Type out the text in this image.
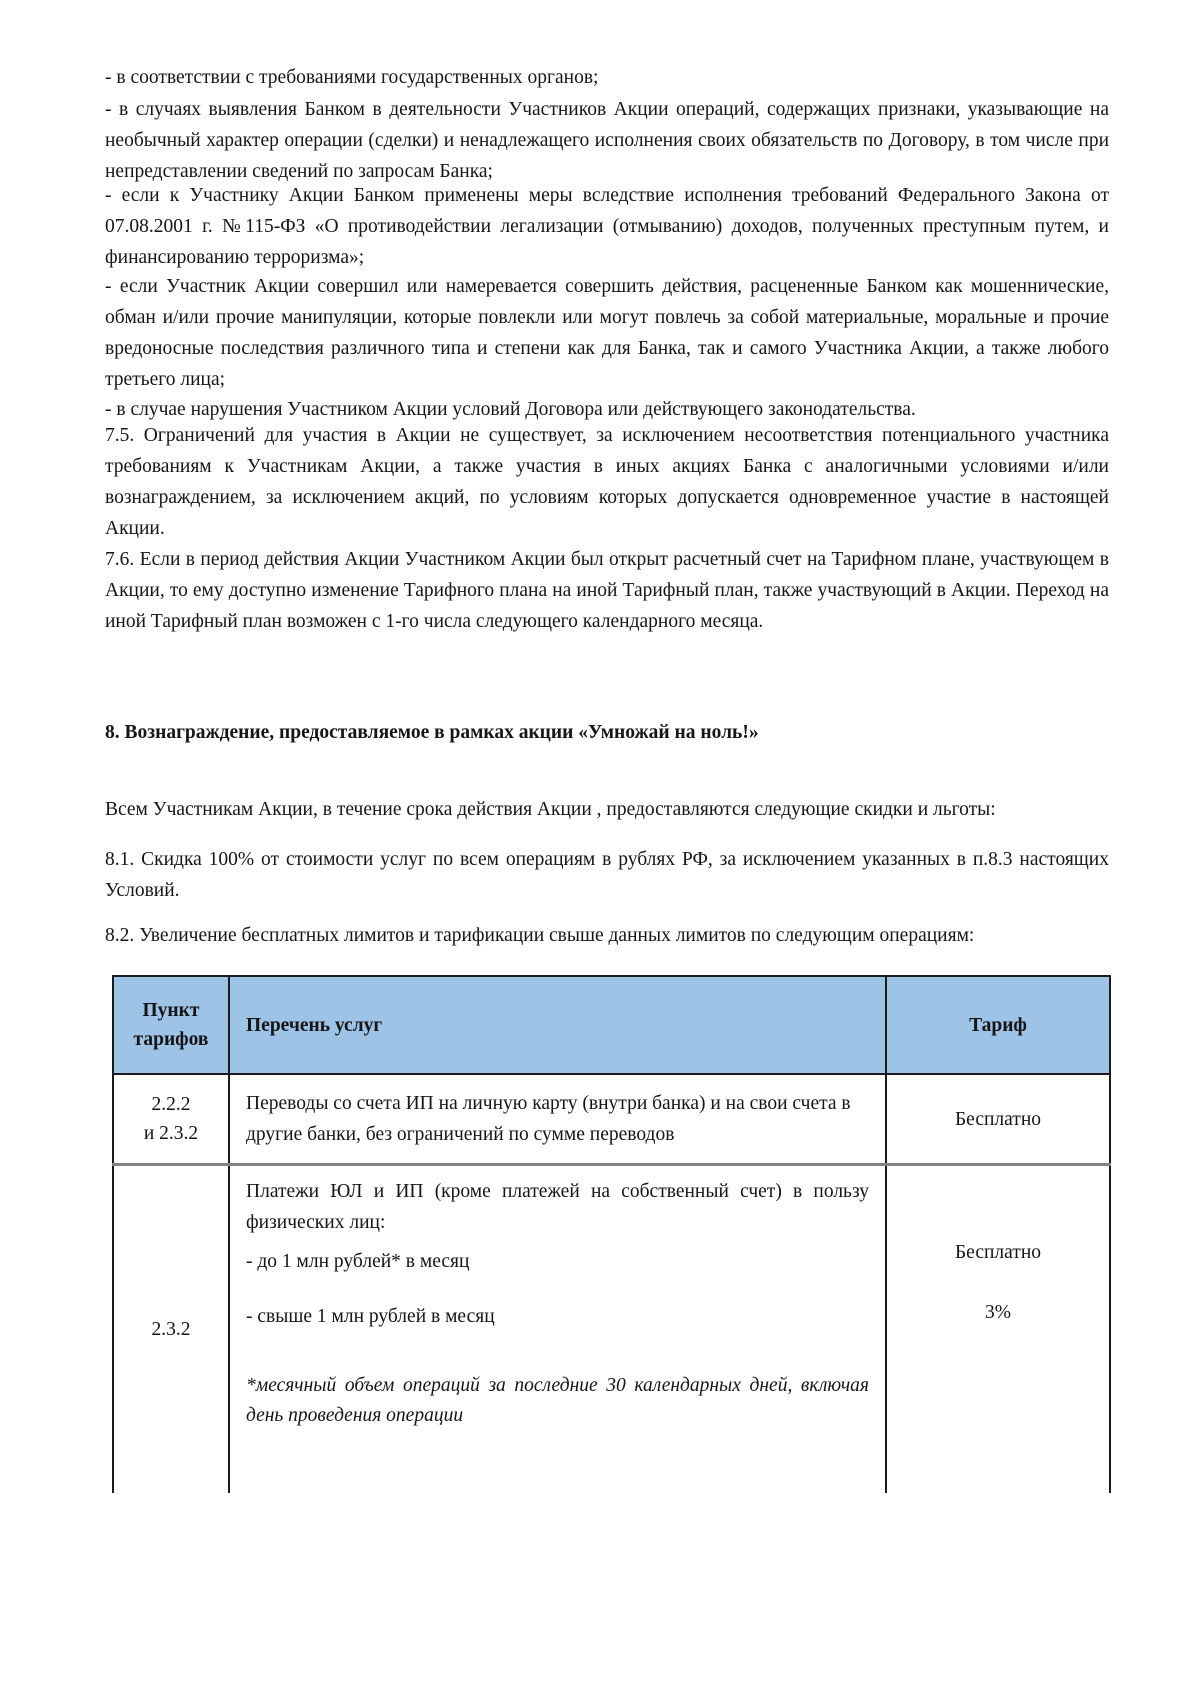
- в соответствии с требованиями государственных органов;

- в случаях выявления Банком в деятельности Участников Акции операций, содержащих признаки, указывающие на необычный характер операции (сделки) и ненадлежащего исполнения своих обязательств по Договору, в том числе при непредставлении сведений по запросам Банка;

- если к Участнику Акции Банком применены меры вследствие исполнения требований Федерального Закона от 07.08.2001 г. №115-ФЗ «О противодействии легализации (отмыванию) доходов, полученных преступным путем, и финансированию терроризма»;

- если Участник Акции совершил или намеревается совершить действия, расцененные Банком как мошеннические, обман и/или прочие манипуляции, которые повлекли или могут повлечь за собой материальные, моральные и прочие вредоносные последствия различного типа и степени как для Банка, так и самого Участника Акции, а также любого третьего лица;

- в случае нарушения Участником Акции условий Договора или действующего законодательства.

7.5. Ограничений для участия в Акции не существует, за исключением несоответствия потенциального участника требованиям к Участникам Акции, а также участия в иных акциях Банка с аналогичными условиями и/или вознаграждением, за исключением акций, по условиям которых допускается одновременное участие в настоящей Акции.

7.6. Если в период действия Акции Участником Акции был открыт расчетный счет на Тарифном плане, участвующем в Акции, то ему доступно изменение Тарифного плана на иной Тарифный план, также участвующий в Акции. Переход на иной Тарифный план возможен с 1-го числа следующего календарного месяца.

8. Вознаграждение, предоставляемое в рамках акции «Умножай на ноль!»

Всем Участникам Акции, в течение срока действия Акции , предоставляются следующие скидки и льготы:

8.1. Скидка 100% от стоимости услуг по всем операциям в рублях РФ, за исключением указанных в п.8.3 настоящих Условий.

8.2. Увеличение бесплатных лимитов и тарификации свыше данных лимитов по следующим операциям:

Пункт тарифов
Перечень услуг	Тариф
2.2.2
и 2.3.2
Переводы со счета ИП на личную карту (внутри банка) и на свои счета в другие банки, без ограничений по сумме переводов
Бесплатно
2.3.2

Платежи ЮЛ и ИП (кроме платежей на собственный счет) в пользу физических лиц:

- до 1 млн рублей* в месяц

- свыше 1 млн рублей в месяц

*месячный объем операций за последние 30 календарных дней, включая день проведения операции

Бесплатно
3%
